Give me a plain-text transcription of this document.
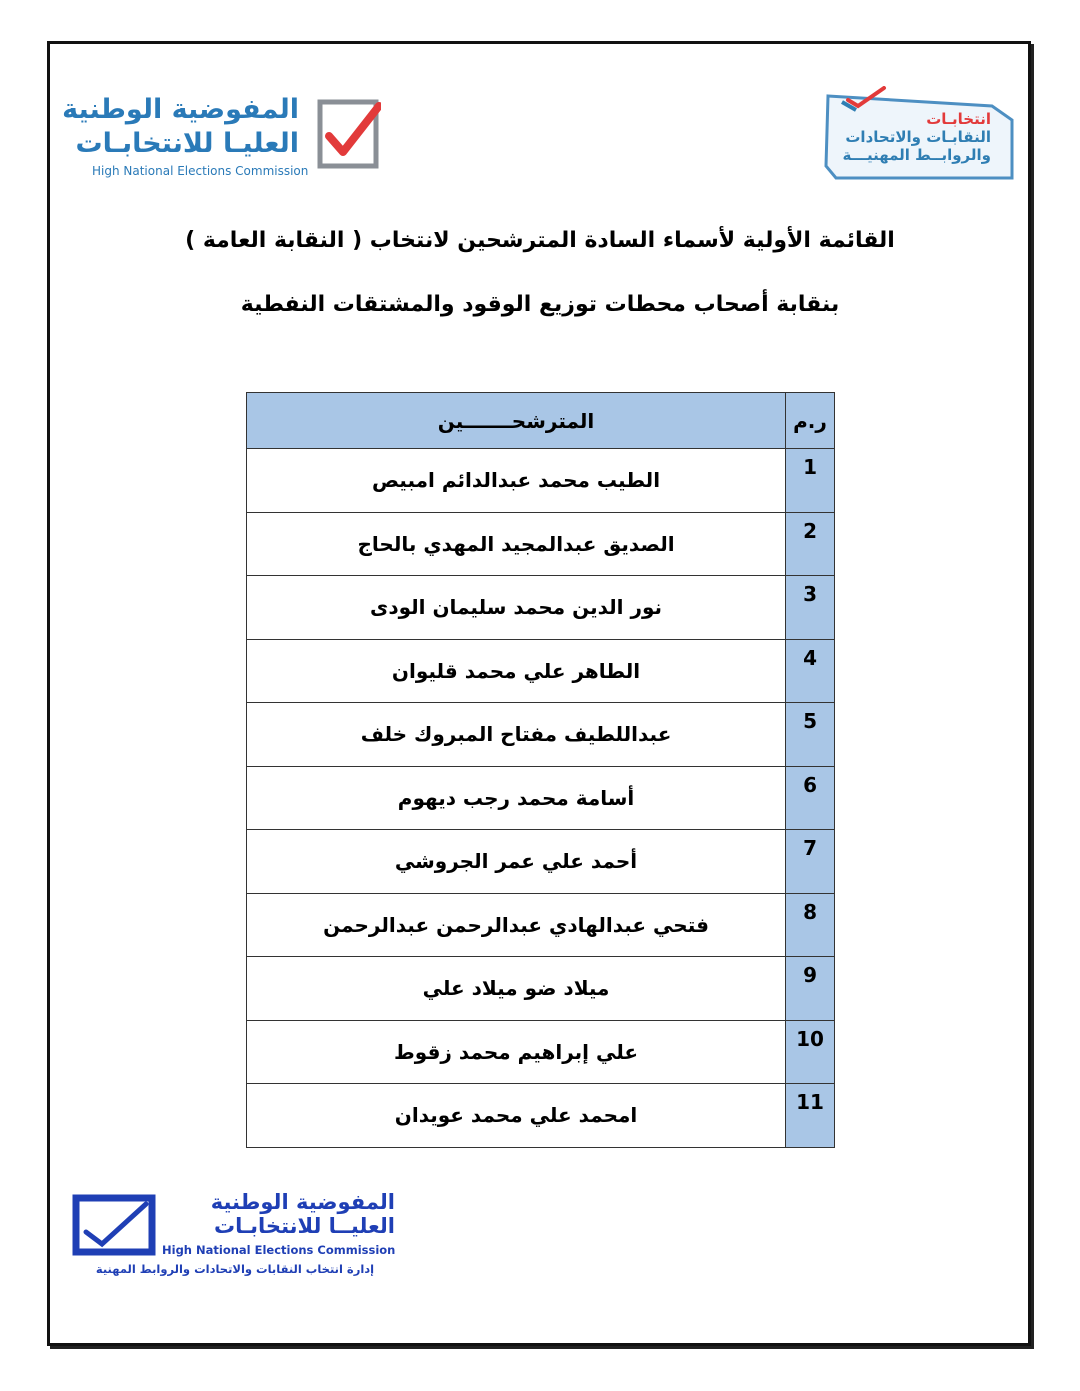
المفوضية الوطنية
العليـا للانتخابـات
High National Elections Commission
انتخابـات
النقابـات والاتحادات
والروابــط المهنيـــة
القائمة الأولية لأسماء السادة المترشحين لانتخاب ( النقابة العامة )
بنقابة أصحاب محطات توزيع الوقود والمشتقات النفطية
المترشحـــــــين	ر.م
الطيب محمد عبدالدائم امبيص	1
الصديق عبدالمجيد المهدي بالحاج	2
نور الدين محمد سليمان الودى	3
الطاهر علي محمد قليوان	4
عبداللطيف مفتاح المبروك خلف	5
أسامة محمد رجب ديهوم	6
أحمد علي عمر الجروشي	7
فتحي عبدالهادي عبدالرحمن عبدالرحمن	8
ميلاد ضو ميلاد علي	9
علي إبراهيم محمد زقوط	10
امحمد علي محمد عويدان	11
المفوضية الوطنية
العليــا للانتخابـات
High National Elections Commission
إدارة انتخاب النقابات والاتحادات والروابط المهنية
